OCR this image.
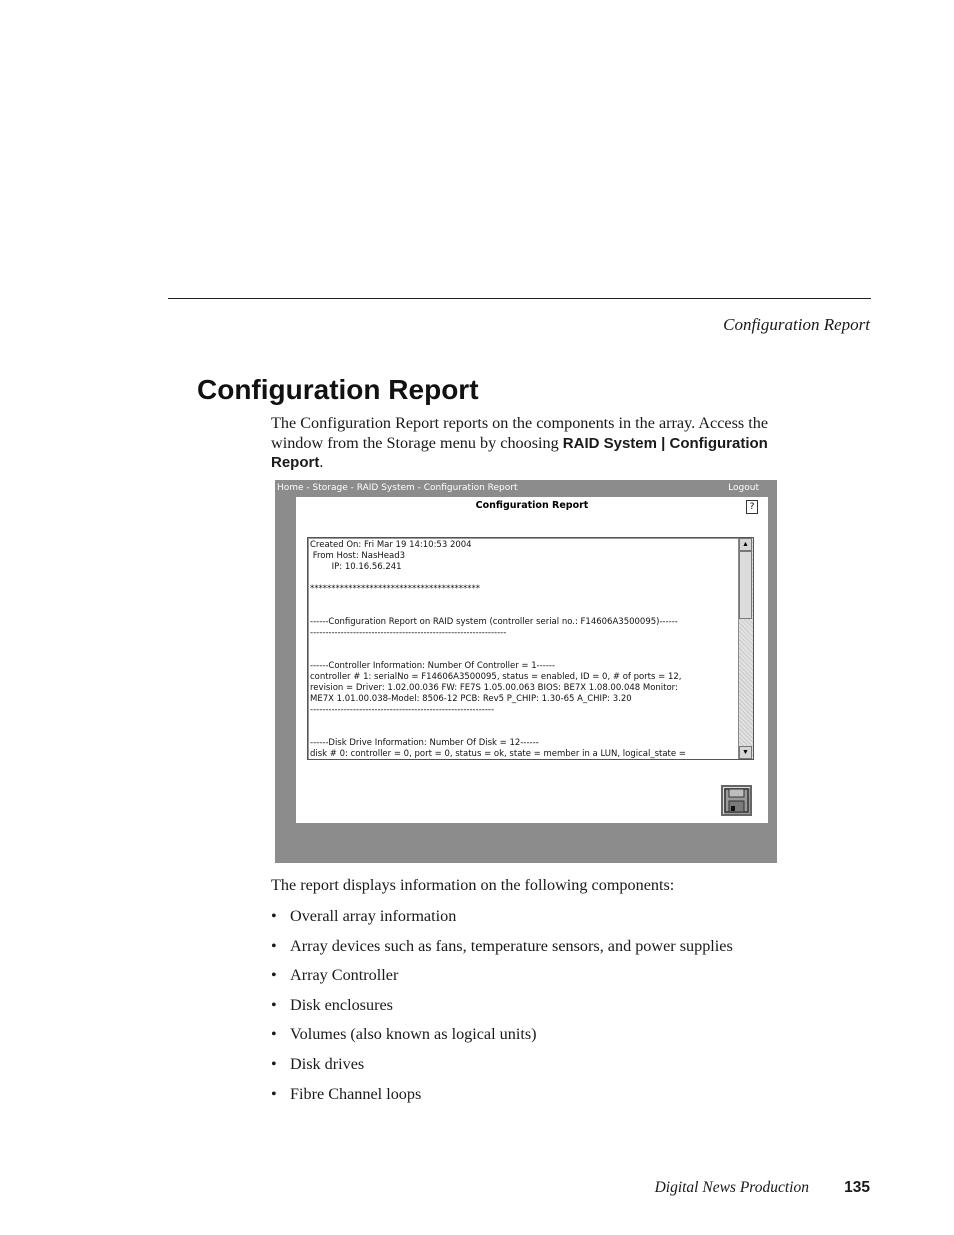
Configuration Report
Configuration Report

The Configuration Report reports on the components in the array. Access the window from the Storage menu by choosing RAID System | Configuration Report.

Home - Storage - RAID System - Configuration Report	Logout
Configuration Report	?
Created On: Fri Mar 19 14:10:53 2004
From Host: NasHead3
IP: 10.16.56.241

****************************************

------Configuration Report on RAID system (controller serial no.: F14606A3500095)------
----------------------------------------------------------------

------Controller Information: Number Of Controller = 1------
controller # 1: serialNo = F14606A3500095, status = enabled, ID = 0, # of ports = 12,
revision = Driver: 1.02.00.036 FW: FE7S 1.05.00.063 BIOS: BE7X 1.08.00.048 Monitor:
ME7X 1.01.00.038-Model: 8506-12 PCB: Rev5 P_CHIP: 1.30-65 A_CHIP: 3.20
------------------------------------------------------------

------Disk Drive Information: Number Of Disk = 12------
disk # 0: controller = 0, port = 0, status = ok, state = member in a LUN, logical_state =

▲
▼
The report displays information on the following components:
• Overall array information
• Array devices such as fans, temperature sensors, and power supplies
• Array Controller
• Disk enclosures
• Volumes (also known as logical units)
• Disk drives
• Fibre Channel loops
Digital News Production 135
